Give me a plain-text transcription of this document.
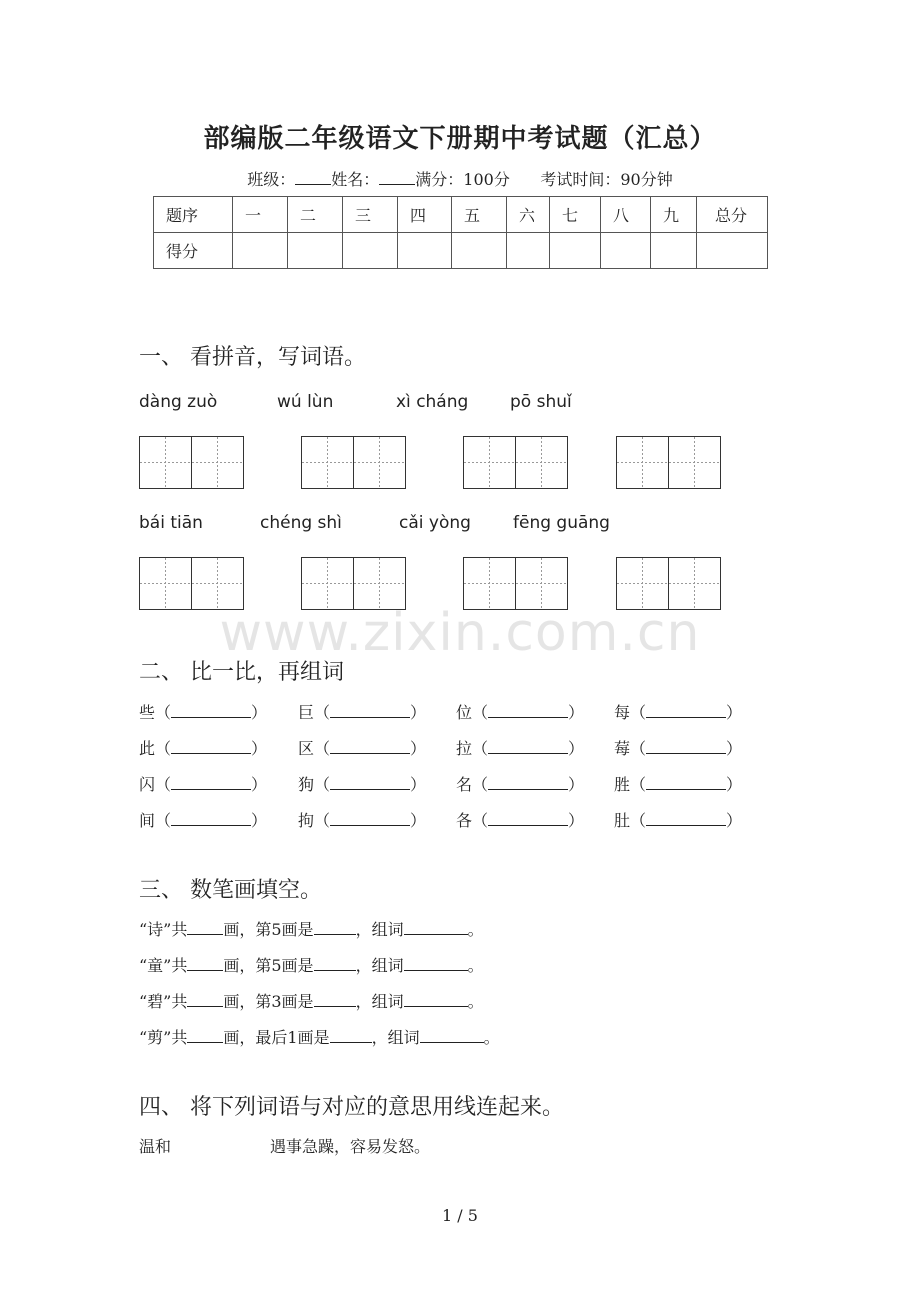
部编版二年级语文下册期中考试题（汇总）
班级： 姓名： 满分：100分 考试时间：90分钟
题序	一	二	三	四	五	六	七	八	九	总分
得分										
一、 看拼音，写词语。
dàng zuò	wú lùn	xì cháng pō shuǐ
bái tiān	chéng shì	cǎi yòng fēng guāng
www.zixin.com.cn
二、 比一比，再组词
些（	） 巨（	） 位（	） 每（	）
此（	） 区（	） 拉（	） 莓（	）
闪（	） 狗（	） 名（	） 胜（	）
间（	） 拘（	） 各（	） 肚（	）
三、 数笔画填空。
“诗”共 画，第5画是	，组词	。
“童”共 画，第5画是	，组词	。
“碧”共 画，第3画是	，组词	。
“剪”共 画，最后1画是	，组词	。
四、 将下列词语与对应的意思用线连起来。
温和	遇事急躁，容易发怒。
1 / 5
